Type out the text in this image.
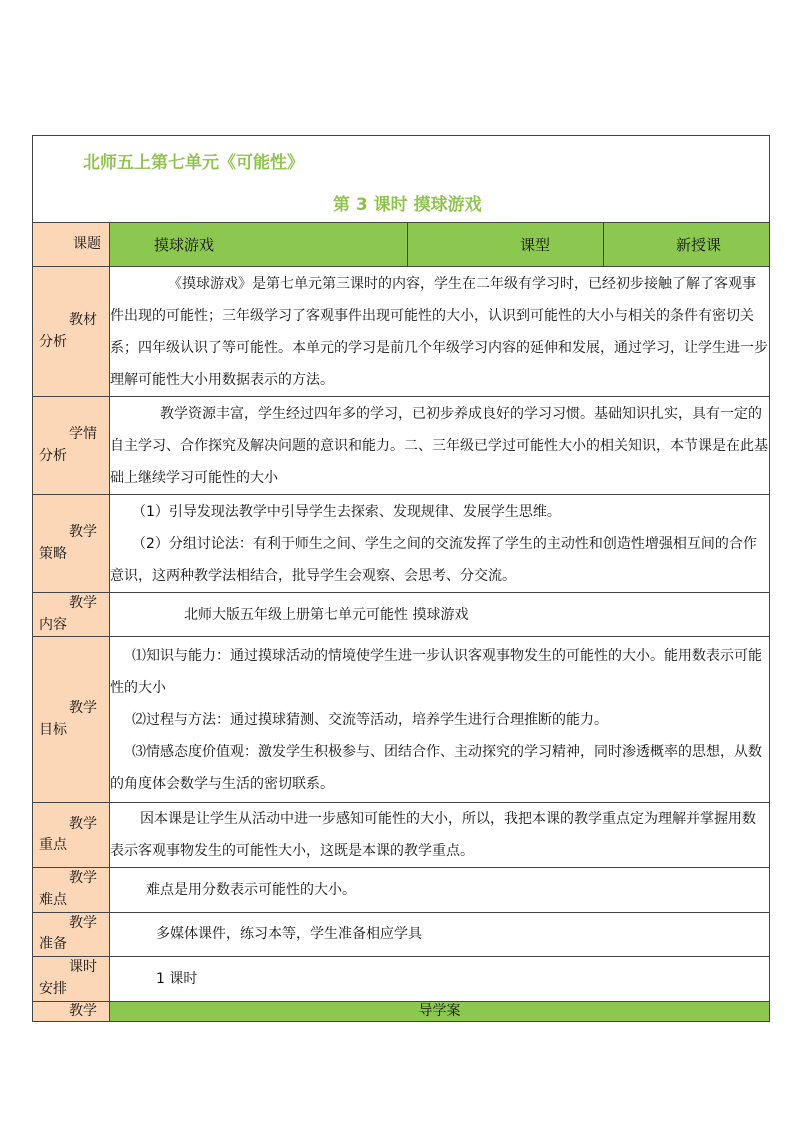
北师五上第七单元《可能性》
第 3 课时 摸球游戏			

课题	摸球游戏	课型	新授课

教材
分析	《摸球游戏》是第七单元第三课时的内容，学生在二年级有学习时，已经初步接触了解了客观事件出现的可能性；三年级学习了客观事件出现可能性的大小，认识到可能性的大小与相关的条件有密切关系；四年级认识了等可能性。本单元的学习是前几个年级学习内容的延伸和发展，通过学习，让学生进一步理解可能性大小用数据表示的方法。		

学情
分析	教学资源丰富，学生经过四年多的学习，已初步养成良好的学习习惯。基础知识扎实，具有一定的自主学习、合作探究及解决问题的意识和能力。二、三年级已学过可能性大小的相关知识，本节课是在此基础上继续学习可能性的大小		

教学
策略	（1）引导发现法教学中引导学生去探索、发现规律、发展学生思维。
（2）分组讨论法：有利于师生之间、学生之间的交流发挥了学生的主动性和创造性增强相互间的合作意识，这两种教学法相结合，批导学生会观察、会思考、分交流。		

教学
内容	北师大版五年级上册第七单元可能性 摸球游戏		

教学
目标	⑴知识与能力：通过摸球活动的情境使学生进一步认识客观事物发生的可能性的大小。能用数表示可能性的大小
⑵过程与方法：通过摸球猜测、交流等活动，培养学生进行合理推断的能力。
⑶情感态度价值观：激发学生积极参与、团结合作、主动探究的学习精神，同时渗透概率的思想，从数的角度体会数学与生活的密切联系。		

教学
重点	因本课是让学生从活动中进一步感知可能性的大小，所以，我把本课的教学重点定为理解并掌握用数表示客观事物发生的可能性大小，这既是本课的教学重点。		

教学
难点	难点是用分数表示可能性的大小。		

教学
准备	多媒体课件，练习本等，学生准备相应学具		

课时
安排	1 课时		

教学	导学案		
